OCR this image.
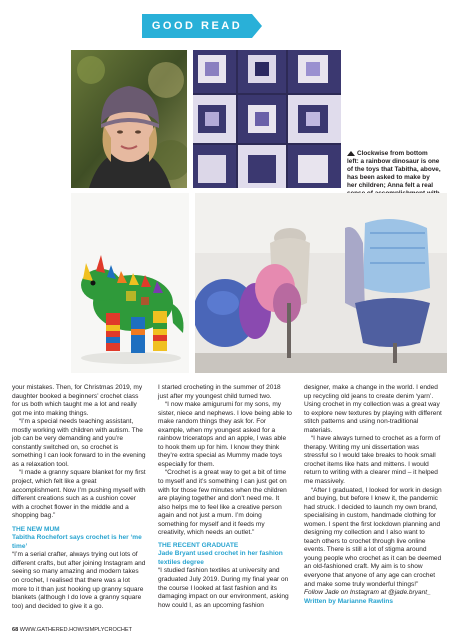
GOOD READ
Clockwise from bottom left: a rainbow dinosaur is one of the toys that Tabitha, above, has been asked to make by her children; Anna felt a real

your mistakes. Then, for Christmas 2019, my daughter booked a beginners’ crochet class for us both which taught me a lot and really got me into making things.

“I’m a special needs teaching assistant, mostly working with children with autism. The job can be very demanding and you’re constantly switched on, so crochet is something I can look forward to in the evening as a relaxation tool.

“I made a granny square blanket for my first project, which felt like a great accomplishment. Now I’m pushing myself with different creations such as a cushion cover with a crochet flower in the middle and a shopping bag.”

THE NEW MUM

Tabitha Rochefort says crochet is her ‘me time’

“I’m a serial crafter, always trying out lots of different crafts, but after joining Instagram and seeing so many amazing and modern takes on crochet, I realised that there was a lot more to it than just hooking up granny square blankets (although I do love a granny square too) and decided to give it a go.

I started crocheting in the summer of 2018 just after my youngest child turned two.

“I now make amigurumi for my sons, my sister, niece and nephews. I love being able to make random things they ask for. For example, when my youngest asked for a rainbow triceratops and an apple, I was able to hook them up for him. I know they think they’re extra special as Mummy made toys especially for them.

“Crochet is a great way to get a bit of time to myself and it’s something I can just get on with for those few minutes when the children are playing together and don’t need me. It also helps me to feel like a creative person again and not just a mum. I’m doing something for myself and it feeds my creativity, which needs an outlet.”

THE RECENT GRADUATE

Jade Bryant used crochet in her fashion textiles degree

“I studied fashion textiles at university and graduated July 2019. During my final year on the course I looked at fast fashion and its damaging impact on our environment, asking how could I, as an upcoming fashion

designer, make a change in the world. I ended up recycling old jeans to create denim ‘yarn’. Using crochet in my collection was a great way to explore new textures by playing with different stitch patterns and using non-traditional materials.

“I have always turned to crochet as a form of therapy. Writing my uni dissertation was stressful so I would take breaks to hook small crochet items like hats and mittens. I would return to writing with a clearer mind – it helped me massively.

“After I graduated, I looked for work in design and buying, but before I knew it, the pandemic had struck. I decided to launch my own brand, specialising in custom, handmade clothing for women. I spent the first lockdown planning and designing my collection and I also want to teach others to crochet through live online events. There is still a lot of stigma around young people who crochet as it can be deemed an old-fashioned craft. My aim is to show everyone that anyone of any age can crochet and make some truly wonderful things!”

Follow Jade on Instagram at @jade.bryant_

Written by Marianne Rawlins

68 WWW.GATHERED.HOW/SIMPLYCROCHET
